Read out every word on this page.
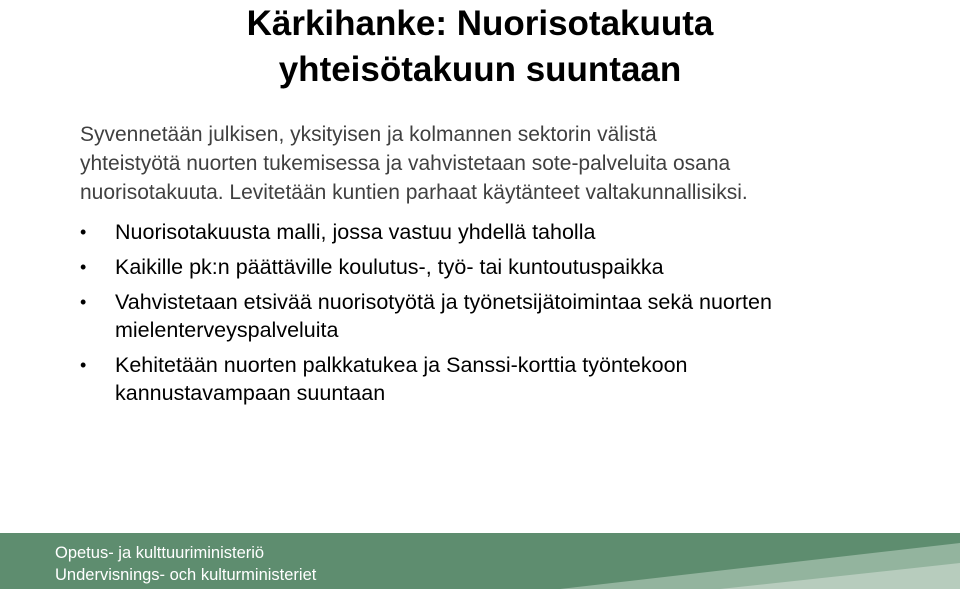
Kärkihanke: Nuorisotakuuta
yhteisötakuun suuntaan
Syvennetään julkisen, yksityisen ja kolmannen sektorin välistä
yhteistyötä nuorten tukemisessa ja vahvistetaan sote-palveluita osana
nuorisotakuuta. Levitetään kuntien parhaat käytänteet valtakunnallisiksi.
•	Nuorisotakuusta malli, jossa vastuu yhdellä taholla
•	Kaikille pk:n päättäville koulutus-, työ- tai kuntoutuspaikka
•	Vahvistetaan etsivää nuorisotyötä ja työnetsijätoimintaa sekä nuorten
mielenterveyspalveluita
•	Kehitetään nuorten palkkatukea ja Sanssi-korttia työntekoon
kannustavampaan suuntaan
Opetus- ja kulttuuriministeriö
Undervisnings- och kulturministeriet
